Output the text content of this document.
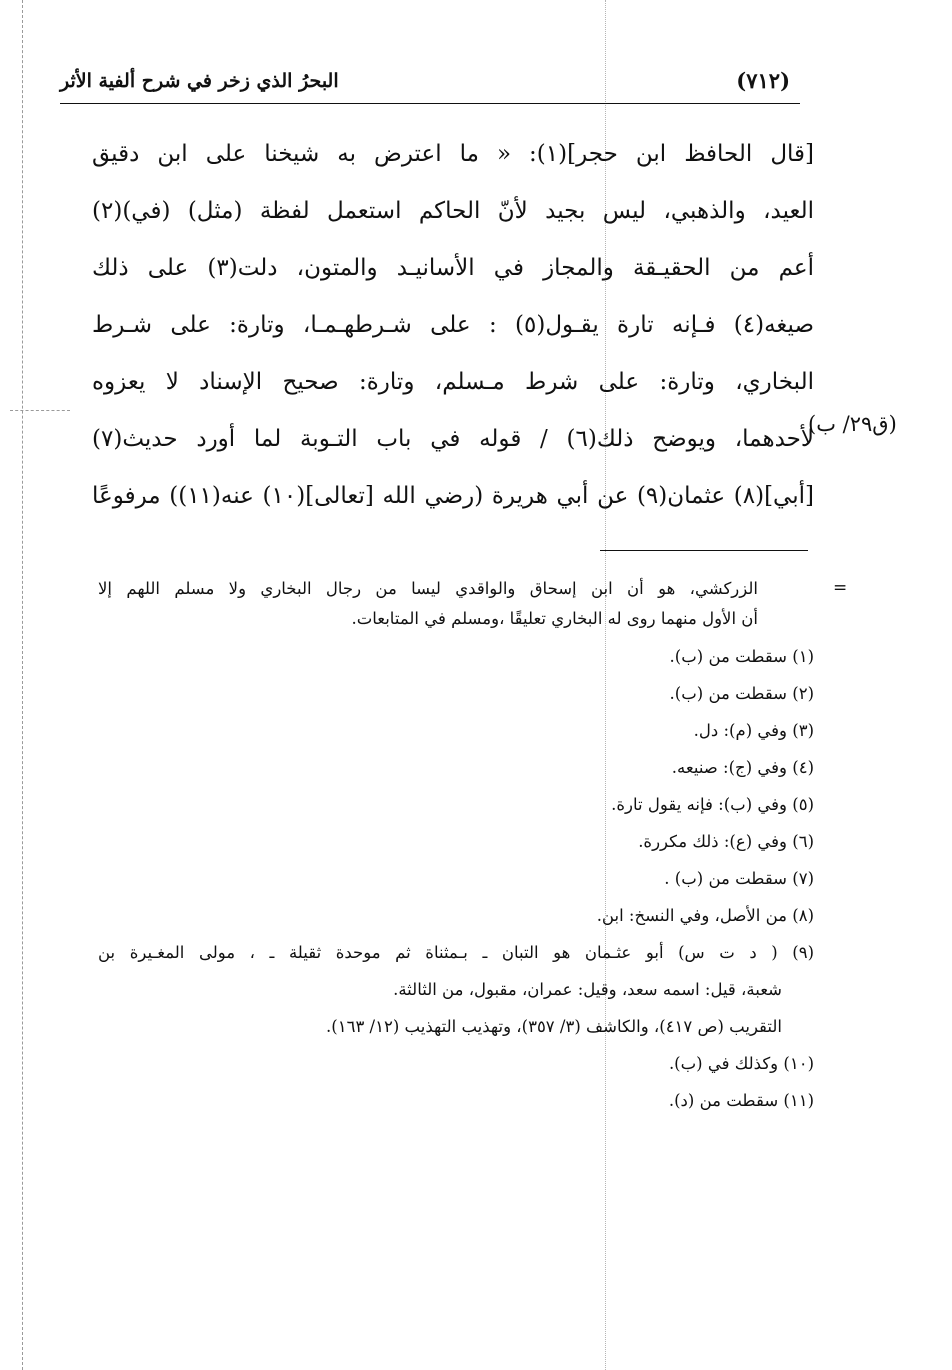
(٧١٢)
البحرُ الذي زخر في شرح ألفية الأثر
[قال الحافظ ابن حجر](١): « ما اعترض به شيخنا على ابن دقيق
العيد، والذهبي، ليس بجيد لأنّ الحاكم استعمل لفظة (مثل) (في)(٢)
أعم من الحقيـقة والمجاز في الأسانيـد والمتون، دلت(٣) على ذلك
صيغه(٤) فـإنه تارة يقـول(٥) : على شـرطهـمـا، وتارة: على شـرط
البخاري، وتارة: على شرط مـسلم، وتارة: صحيح الإسناد لا يعزوه
لأحدهما، ويوضح ذلك(٦) / قوله في باب التـوبة لما أورد حديث(٧)
[أبي](٨) عثمان(٩) عن أبي هريرة (رضي الله [تعالى](١٠) عنه(١١)) مرفوعًا
(ق٢٩/ ب)
=
الزركشي، هو أن ابن إسحاق والواقدي ليسا من رجال البخاري ولا مسلم اللهم إلا
أن الأول منهما روى له البخاري تعليقًا ،ومسلم في المتابعات.
(١) سقطت من (ب).
(٢) سقطت من (ب).
(٣) وفي (م): دل.
(٤) وفي (ج): صنيعه.
(٥) وفي (ب): فإنه يقول تارة.
(٦) وفي (ع): ذلك مكررة.
(٧) سقطت من (ب) .
(٨) من الأصل، وفي النسخ: ابن.
(٩) ( د ت س) أبو عثـمان هو التبان ـ بـمثناة ثم موحدة ثقيلة ـ ، مولى المغـيرة بن
شعبة، قيل: اسمه سعد، وقيل: عمران، مقبول، من الثالثة.
التقريب (ص ٤١٧)، والكاشف (٣/ ٣٥٧)، وتهذيب التهذيب (١٢/ ١٦٣).
(١٠) وكذلك في (ب).
(١١) سقطت من (د).
